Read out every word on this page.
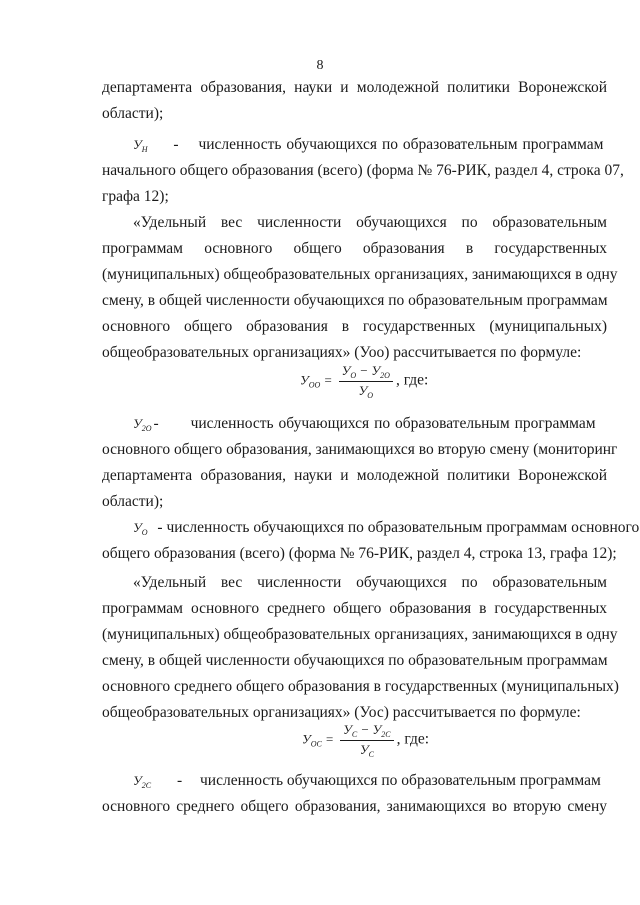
8
департамента образования, науки и молодежной политики Воронежской
области);
$У_Н$ - численность обучающихся по образовательным программам
начального общего образования (всего) (форма № 76-РИК, раздел 4, строка 07,
графа 12);
«Удельный вес численности обучающихся по образовательным
программам основного общего образования в государственных
(муниципальных) общеобразовательных организациях, занимающихся в одну
смену, в общей численности обучающихся по образовательным программам
основного общего образования в государственных (муниципальных)
общеобразовательных организациях» (Уоо) рассчитывается по формуле:
$У_{ОО} = \frac{У_О - У_{2О}}{У_О}$ , где:
$У_{2О}$ - численность обучающихся по образовательным программам
основного общего образования, занимающихся во вторую смену (мониторинг
департамента образования, науки и молодежной политики Воронежской
области);
$У_О$ - численность обучающихся по образовательным программам основного
общего образования (всего) (форма № 76-РИК, раздел 4, строка 13, графа 12);
«Удельный вес численности обучающихся по образовательным
программам основного среднего общего образования в государственных
(муниципальных) общеобразовательных организациях, занимающихся в одну
смену, в общей численности обучающихся по образовательным программам
основного среднего общего образования в государственных (муниципальных)
общеобразовательных организациях» (Уос) рассчитывается по формуле:
$У_{ОС} = \frac{У_С - У_{2С}}{У_С}$ , где:
$У_{2С}$ - численность обучающихся по образовательным программам
основного среднего общего образования, занимающихся во вторую смену
